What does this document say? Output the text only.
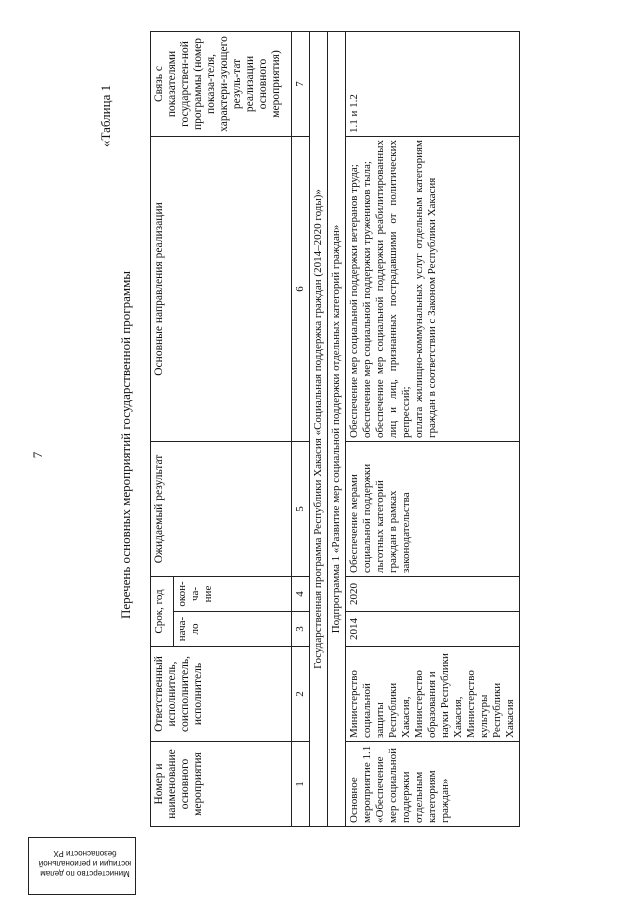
7
«Таблица 1
Перечень основных мероприятий государственной программы
Министерство по делам
юстиции и региональной
безопасности РХ
Номер и наименование основного мероприятия	Ответственный исполнитель, соисполнитель, исполнитель	Срок, год		Ожидаемый результат	Основные направления реализации	Связь с показателями государствен-ной программы (номер показа-теля, характери-зующего резуль-тат реализации основного мероприятия)
		нача-ло	окон-ча-ние			
1	2	3	4	5	6	7
Государственная программа Республики Хакасия «Социальная поддержка граждан (2014–2020 годы)»						
Подпрограмма 1 «Развитие мер социальной поддержки отдельных категорий граждан»						
Основное мероприятие 1.1 «Обеспечение мер социальной поддержки отдельным категориям граждан»	Министерство социальной защиты Республики Хакасия, Министерство образования и науки Республики Хакасия, Министерство культуры Республики Хакасия	2014	2020	Обеспечение мерами социальной поддержки льготных категорий граждан в рамках законодательства	Обеспечение мер социальной поддержки ветеранов труда; обеспечение мер социальной поддержки тружеников тыла; обеспечение мер социальной поддержки реабилитированных лиц и лиц, признанных пострадавшими от политических репрессий; оплата жилищно-коммунальных услуг отдельным категориям граждан в соответствии с Законом Республики Хакасия	1.1 и 1.2
